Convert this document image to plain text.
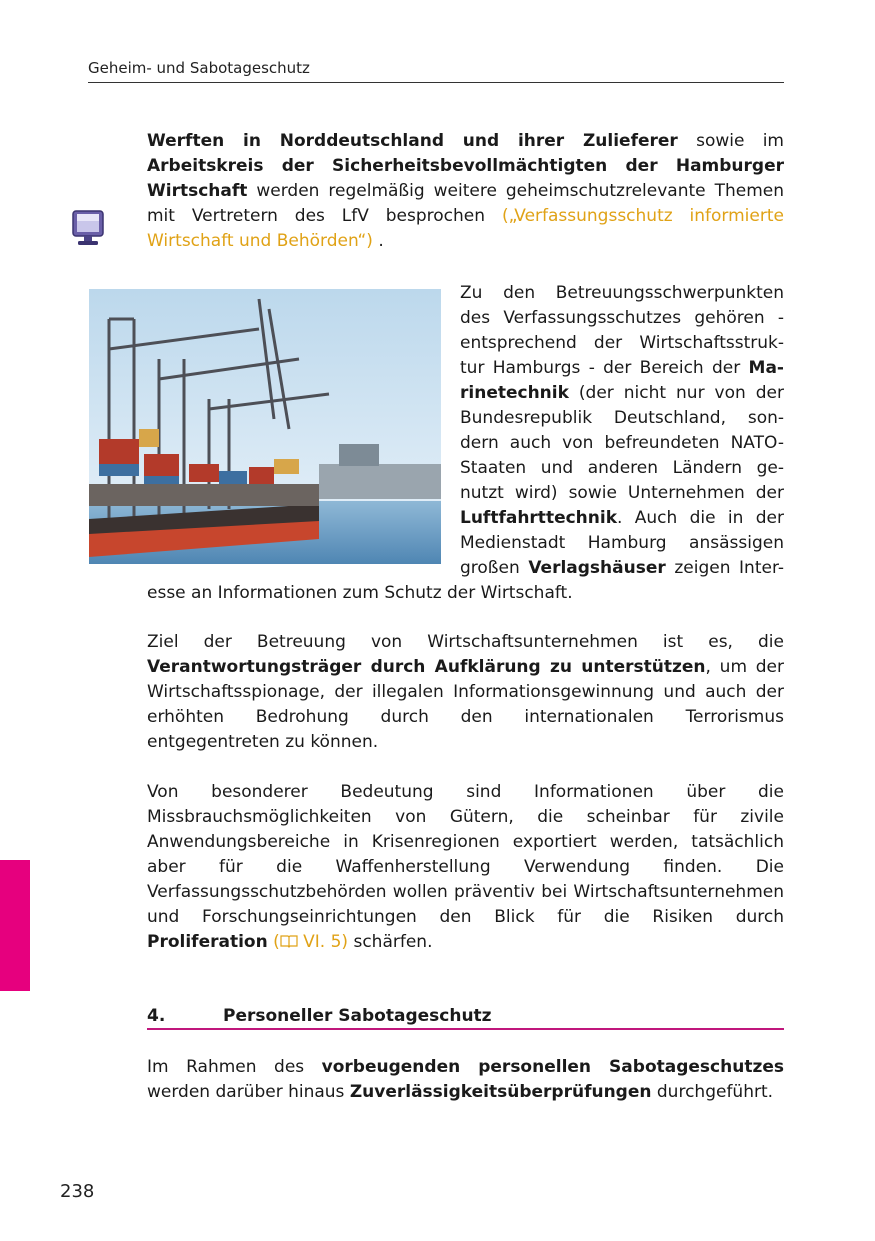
Geheim- und Sabotageschutz

Werften in Norddeutschland und ihrer Zulieferer sowie im Arbeitskreis der Sicherheitsbevollmächtigten der Hamburger Wirtschaft werden regelmäßig weitere geheimschutzrelevante Themen mit Vertretern des LfV besprochen („Verfassungsschutz informierte Wirtschaft und Behörden“) .

Zu den Betreuungsschwerpunkten
des Verfassungsschutzes gehören -
entsprechend der Wirtschaftsstruk-
tur Hamburgs - der Bereich der Ma-
rinetechnik (der nicht nur von der
Bundesrepublik Deutschland, son-
dern auch von befreundeten NATO-
Staaten und anderen Ländern ge-
nutzt wird) sowie Unternehmen der
Luftfahrttechnik. Auch die in der
Medienstadt Hamburg ansässigen
großen Verlagshäuser zeigen Inter-
esse an Informationen zum Schutz der Wirtschaft.

Ziel der Betreuung von Wirtschaftsunternehmen ist es, die Verantwortungsträger durch Aufklärung zu unterstützen, um der Wirtschaftsspionage, der illegalen Informationsgewinnung und auch der erhöhten Bedrohung durch den internationalen Terrorismus entgegentreten zu können.

Von besonderer Bedeutung sind Informationen über die Missbrauchsmöglichkeiten von Gütern, die scheinbar für zivile Anwendungsbereiche in Krisenregionen exportiert werden, tatsächlich aber für die Waffenherstellung Verwendung finden. Die Verfassungsschutzbehörden wollen präventiv bei Wirtschaftsunternehmen und Forschungseinrichtungen den Blick für die Risiken durch Proliferation ( VI. 5) schärfen.

4.	Personeller Sabotageschutz

Im Rahmen des vorbeugenden personellen Sabotageschutzes werden darüber hinaus Zuverlässigkeitsüberprüfungen durchgeführt.

238
